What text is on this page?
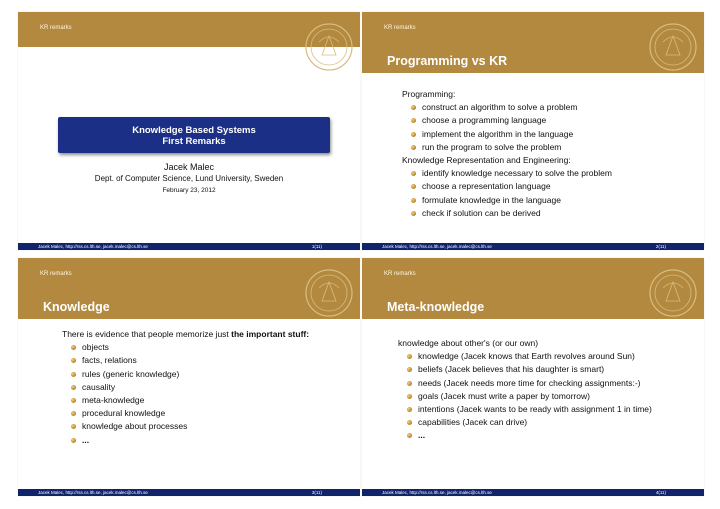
KR remarks
Knowledge Based Systems
First Remarks
Jacek Malec
Dept. of Computer Science, Lund University, Sweden
February 23, 2012
Jacek Malec, http://rss.cs.lth.se, jacek.malec@cs.lth.se	1(11)
KR remarks
Programming vs KR
Programming:
construct an algorithm to solve a problem
choose a programming language
implement the algorithm in the language
run the program to solve the problem
Knowledge Representation and Engineering:
identify knowledge necessary to solve the problem
choose a representation language
formulate knowledge in the language
check if solution can be derived
Jacek Malec, http://rss.cs.lth.se, jacek.malec@cs.lth.se	2(11)
KR remarks
Knowledge
There is evidence that people memorize just the important stuff:
objects
facts, relations
rules (generic knowledge)
causality
meta-knowledge
procedural knowledge
knowledge about processes
...
Jacek Malec, http://rss.cs.lth.se, jacek.malec@cs.lth.se	3(11)
KR remarks
Meta-knowledge
knowledge about other's (or our own)
knowledge (Jacek knows that Earth revolves around Sun)
beliefs (Jacek believes that his daughter is smart)
needs (Jacek needs more time for checking assignments:-)
goals (Jacek must write a paper by tomorrow)
intentions (Jacek wants to be ready with assignment 1 in time)
capabilities (Jacek can drive)
...
Jacek Malec, http://rss.cs.lth.se, jacek.malec@cs.lth.se	4(11)
